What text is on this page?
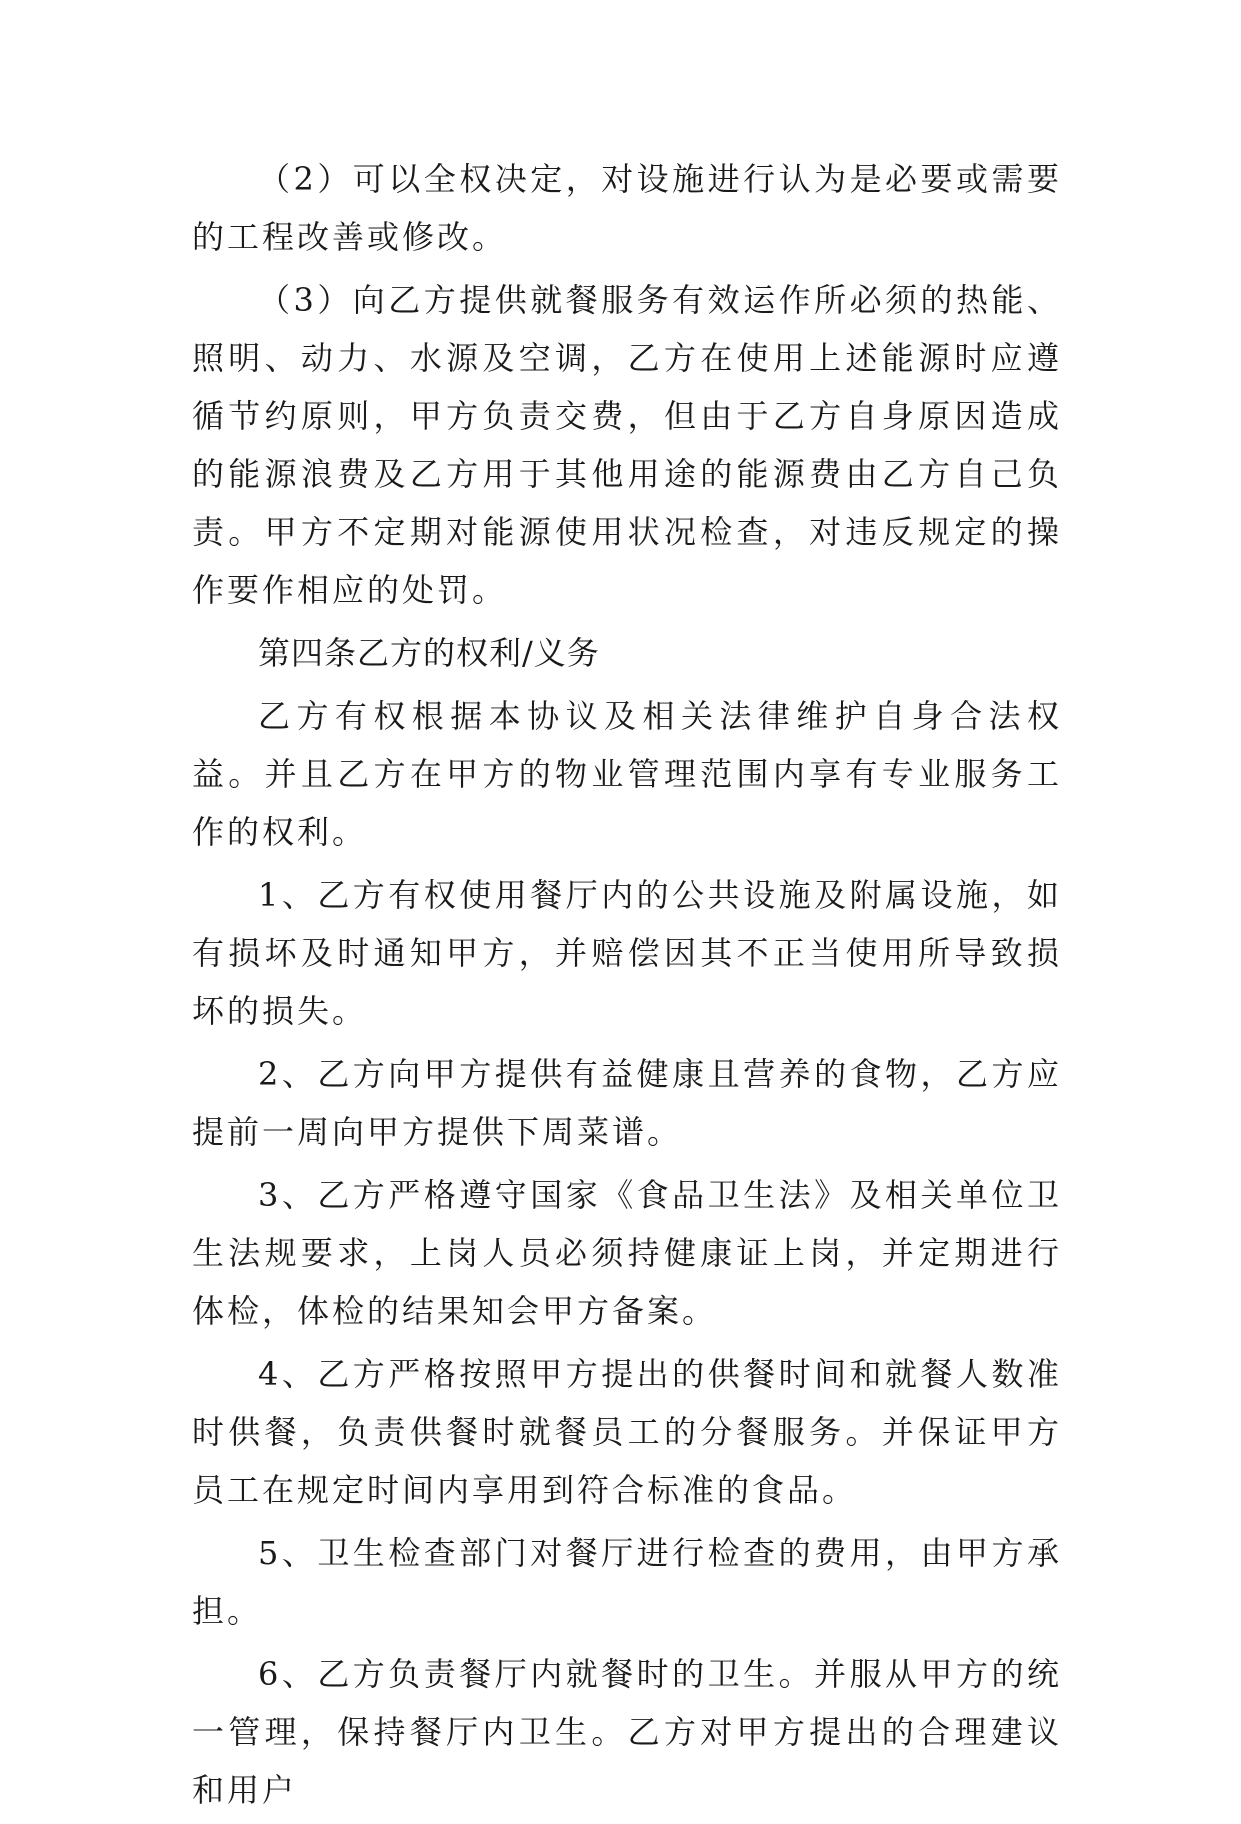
（2）可以全权决定，对设施进行认为是必要或需要的工程改善或修改。

（3）向乙方提供就餐服务有效运作所必须的热能、照明、动力、水源及空调，乙方在使用上述能源时应遵循节约原则，甲方负责交费，但由于乙方自身原因造成的能源浪费及乙方用于其他用途的能源费由乙方自己负责。甲方不定期对能源使用状况检查，对违反规定的操作要作相应的处罚。

第四条乙方的权利/义务

乙方有权根据本协议及相关法律维护自身合法权益。并且乙方在甲方的物业管理范围内享有专业服务工作的权利。

1、乙方有权使用餐厅内的公共设施及附属设施，如有损坏及时通知甲方，并赔偿因其不正当使用所导致损坏的损失。

2、乙方向甲方提供有益健康且营养的食物，乙方应提前一周向甲方提供下周菜谱。

3、乙方严格遵守国家《食品卫生法》及相关单位卫生法规要求，上岗人员必须持健康证上岗，并定期进行体检，体检的结果知会甲方备案。

4、乙方严格按照甲方提出的供餐时间和就餐人数准时供餐，负责供餐时就餐员工的分餐服务。并保证甲方员工在规定时间内享用到符合标准的食品。

5、卫生检查部门对餐厅进行检查的费用，由甲方承担。

6、乙方负责餐厅内就餐时的卫生。并服从甲方的统一管理，保持餐厅内卫生。乙方对甲方提出的合理建议和用户
